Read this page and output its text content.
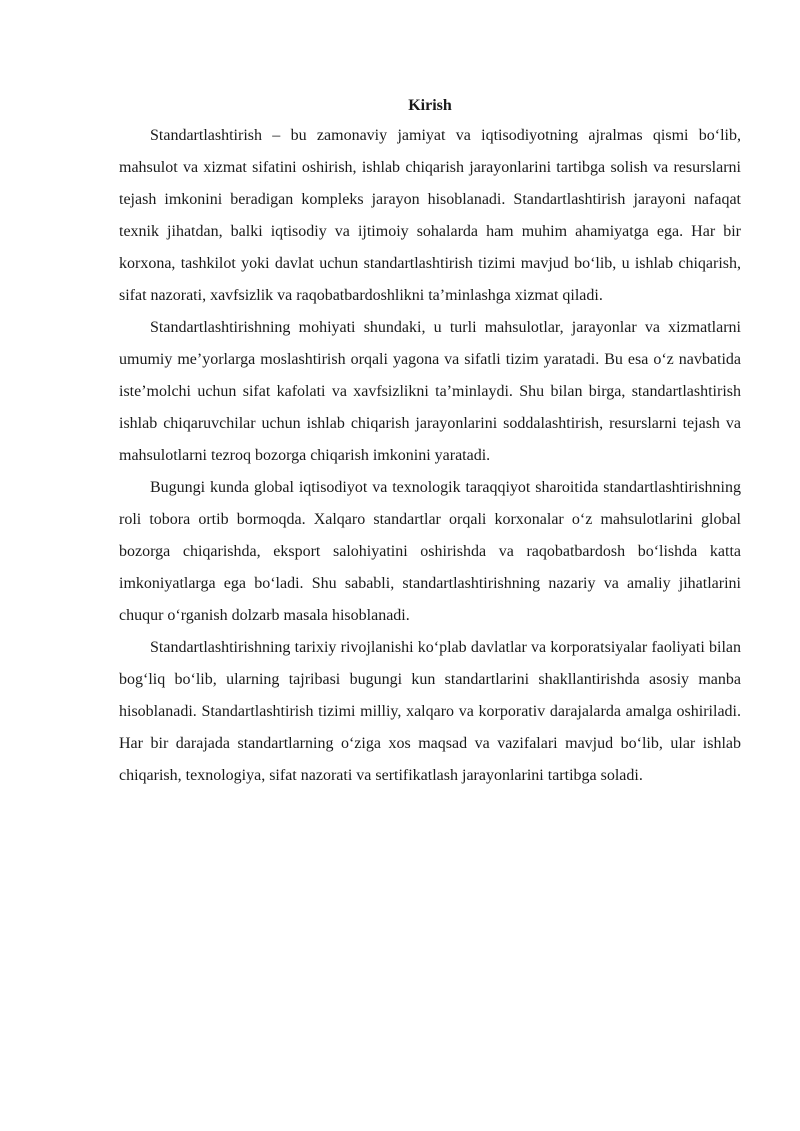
Kirish

Standartlashtirish – bu zamonaviy jamiyat va iqtisodiyotning ajralmas qismi bo‘lib, mahsulot va xizmat sifatini oshirish, ishlab chiqarish jarayonlarini tartibga solish va resurslarni tejash imkonini beradigan kompleks jarayon hisoblanadi. Standartlashtirish jarayoni nafaqat texnik jihatdan, balki iqtisodiy va ijtimoiy sohalarda ham muhim ahamiyatga ega. Har bir korxona, tashkilot yoki davlat uchun standartlashtirish tizimi mavjud bo‘lib, u ishlab chiqarish, sifat nazorati, xavfsizlik va raqobatbardoshlikni ta’minlashga xizmat qiladi.

Standartlashtirishning mohiyati shundaki, u turli mahsulotlar, jarayonlar va xizmatlarni umumiy me’yorlarga moslashtirish orqali yagona va sifatli tizim yaratadi. Bu esa o‘z navbatida iste’molchi uchun sifat kafolati va xavfsizlikni ta’minlaydi. Shu bilan birga, standartlashtirish ishlab chiqaruvchilar uchun ishlab chiqarish jarayonlarini soddalashtirish, resurslarni tejash va mahsulotlarni tezroq bozorga chiqarish imkonini yaratadi.

Bugungi kunda global iqtisodiyot va texnologik taraqqiyot sharoitida standartlashtirishning roli tobora ortib bormoqda. Xalqaro standartlar orqali korxonalar o‘z mahsulotlarini global bozorga chiqarishda, eksport salohiyatini oshirishda va raqobatbardosh bo‘lishda katta imkoniyatlarga ega bo‘ladi. Shu sababli, standartlashtirishning nazariy va amaliy jihatlarini chuqur o‘rganish dolzarb masala hisoblanadi.

Standartlashtirishning tarixiy rivojlanishi ko‘plab davlatlar va korporatsiyalar faoliyati bilan bog‘liq bo‘lib, ularning tajribasi bugungi kun standartlarini shakllantirishda asosiy manba hisoblanadi. Standartlashtirish tizimi milliy, xalqaro va korporativ darajalarda amalga oshiriladi. Har bir darajada standartlarning o‘ziga xos maqsad va vazifalari mavjud bo‘lib, ular ishlab chiqarish, texnologiya, sifat nazorati va sertifikatlash jarayonlarini tartibga soladi.
